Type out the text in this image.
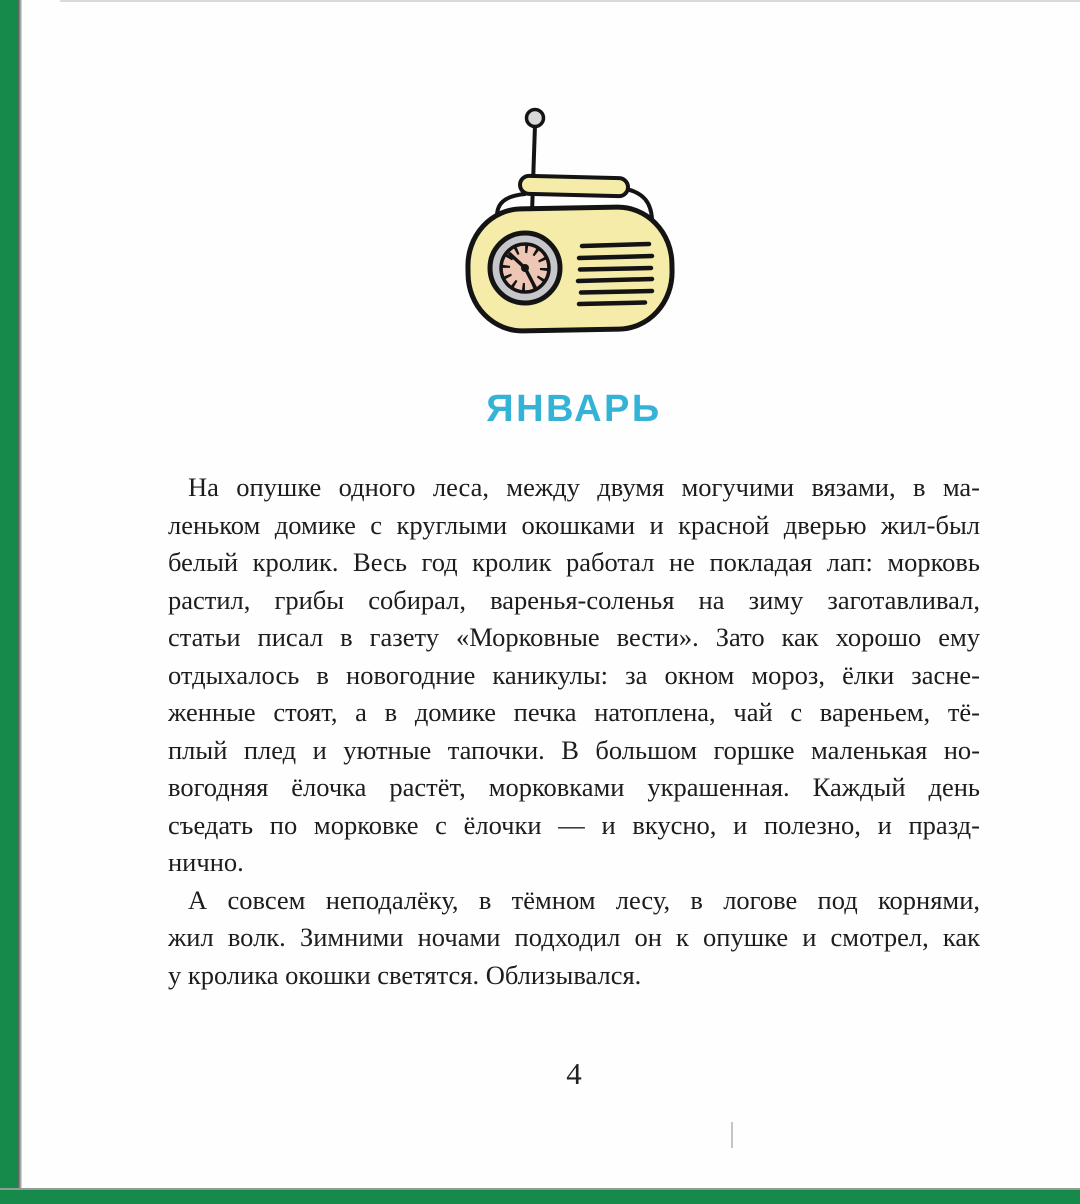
ЯНВАРЬ

На опушке одного леса, между двумя могучими вязами, в ма-
леньком домике с круглыми окошками и красной дверью жил-был
белый кролик. Весь год кролик работал не покладая лап: морковь
растил, грибы собирал, варенья-соленья на зиму заготавливал,
статьи писал в газету «Морковные вести». Зато как хорошо ему
отдыхалось в новогодние каникулы: за окном мороз, ёлки засне-
женные стоят, а в домике печка натоплена, чай с вареньем, тё-
плый плед и уютные тапочки. В большом горшке маленькая но-
вогодняя ёлочка растёт, морковками украшенная. Каждый день
съедать по морковке с ёлочки — и вкусно, и полезно, и празд-
нично.

А совсем неподалёку, в тёмном лесу, в логове под корнями,
жил волк. Зимними ночами подходил он к опушке и смотрел, как
у кролика окошки светятся. Облизывался.

4
